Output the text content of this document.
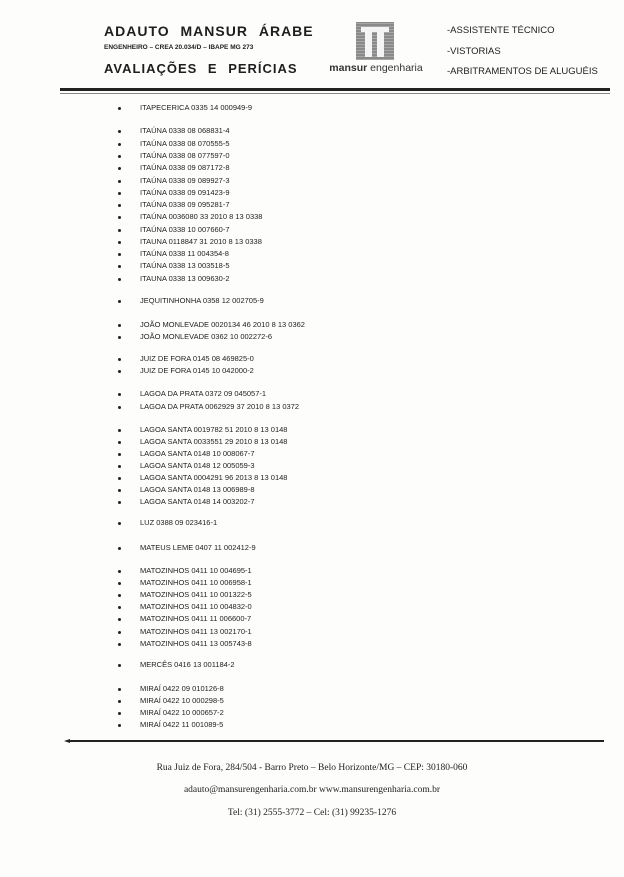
ADAUTO MANSUR ÁRABE
ENGENHEIRO – CREA 20.034/D – IBAPE MG 273
AVALIAÇÕES E PERÍCIAS	mansur engenharia
-ASSISTENTE TÉCNICO
-VISTORIAS
-ARBITRAMENTOS DE ALUGUÉIS
ITAPECERICA 0335 14 000949-9
ITAÚNA 0338 08 068831-4
ITAÚNA 0338 08 070555-5
ITAÚNA 0338 08 077597-0
ITAÚNA 0338 09 087172-8
ITAÚNA 0338 09 089927-3
ITAÚNA 0338 09 091423-9
ITAÚNA 0338 09 095281-7
ITAÚNA 0036080 33 2010 8 13 0338
ITAÚNA 0338 10 007660-7
ITAUNA 0118847 31 2010 8 13 0338
ITAÚNA 0338 11 004354-8
ITAÚNA 0338 13 003518-5
ITAUNA 0338 13 009630-2
JEQUITINHONHA 0358 12 002705-9
JOÃO MONLEVADE 0020134 46 2010 8 13 0362
JOÃO MONLEVADE 0362 10 002272-6
JUIZ DE FORA 0145 08 469825-0
JUIZ DE FORA 0145 10 042000-2
LAGOA DA PRATA 0372 09 045057-1
LAGOA DA PRATA 0062929 37 2010 8 13 0372
LAGOA SANTA 0019782 51 2010 8 13 0148
LAGOA SANTA 0033551 29 2010 8 13 0148
LAGOA SANTA 0148 10 008067-7
LAGOA SANTA 0148 12 005059-3
LAGOA SANTA 0004291 96 2013 8 13 0148
LAGOA SANTA 0148 13 006989-8
LAGOA SANTA 0148 14 003202-7
LUZ 0388 09 023416-1
MATEUS LEME 0407 11 002412-9
MATOZINHOS 0411 10 004695-1
MATOZINHOS 0411 10 006958-1
MATOZINHOS 0411 10 001322-5
MATOZINHOS 0411 10 004832-0
MATOZINHOS 0411 11 006600-7
MATOZINHOS 0411 13 002170-1
MATOZINHOS 0411 13 005743-8
MERCÊS 0416 13 001184-2
MIRAÍ 0422 09 010126-8
MIRAÍ 0422 10 000298-5
MIRAÍ 0422 10 000657-2
MIRAÍ 0422 11 001089-5
Rua Juiz de Fora, 284/504 - Barro Preto – Belo Horizonte/MG – CEP: 30180-060
adauto@mansurengenharia.com.br www.mansurengenharia.com.br
Tel: (31) 2555-3772 – Cel: (31) 99235-1276
